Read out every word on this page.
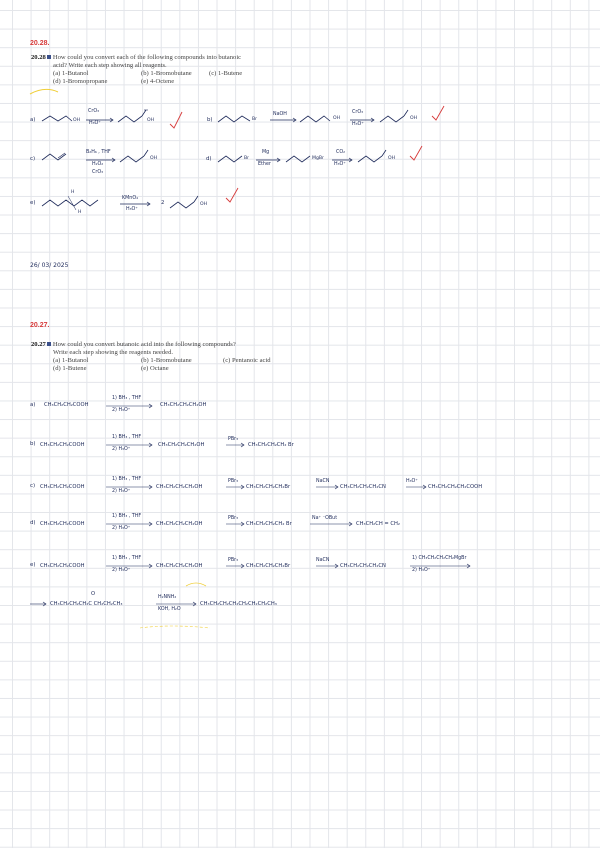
20.28.
20.28 How could you convert each of the following compounds into butanoic
acid? Write each step showing all reagents.
(a) 1-Butanol	(b) 1-Bromobutane	(c) 1-Butene
(d) 1-Bromopropane	(e) 4-Octene
a)	OH
CrO₃
H₃O⁺
OH	b)	Br
NaOH
OH
CrO₃
H₃O⁺
OH
c)
B₂H₆ , THF
H₂O₂
CrO₃
OH	d)	Br
Mg
Ether
MgBr
CO₂
H₃O⁺
OH
e)
H
H
KMnO₄
H₃O⁺
2	OH
26/ 03/ 2025
20.27.
20.27 How could you convert butanoic acid into the following compounds?
Write each step showing the reagents needed.
(a) 1-Butanol	(b) 1-Bromobutane	(c) Pentanoic acid
(d) 1-Butene	(e) Octane
a) CH₃CH₂CH₂COOH
1) BH₃ , THF
2) H₃O⁺
CH₃CH₂CH₂CH₂OH
b) CH₃CH₂CH₂COOH
1) BH₃ , THF
2) H₃O⁺
CH₃CH₂CH₂CH₂OH
PBr₃
CH₃CH₂CH₂CH₂ Br
c) CH₃CH₂CH₂COOH
1) BH₃ , THF
2) H₃O⁺
CH₃CH₂CH₂CH₂OH
PBr₃
CH₃CH₂CH₂CH₂Br
NaCN
CH₃CH₂CH₂CH₂CN
H₃O⁺
CH₃CH₂CH₂CH₂COOH
d) CH₃CH₂CH₂COOH
1) BH₃ , THF
2) H₃O⁺
CH₃CH₂CH₂CH₂OH
PBr₃
CH₃CH₂CH₂CH₂ Br
Na⁺ ⁻OBut
CH₃CH₂CH = CH₂
e) CH₃CH₂CH₂COOH
1) BH₃ , THF
2) H₃O⁺
CH₃CH₂CH₂CH₂OH
PBr₃
CH₃CH₂CH₂CH₂Br
NaCN
CH₃CH₂CH₂CH₂CN
1) CH₃CH₂CH₂CH₂MgBr
2) H₃O⁺
O
CH₃CH₂CH₂CH₂C CH₂CH₂CH₃
H₂NNH₂
KOH, H₂O
CH₃CH₂CH₂CH₂CH₂CH₂CH₂CH₃
